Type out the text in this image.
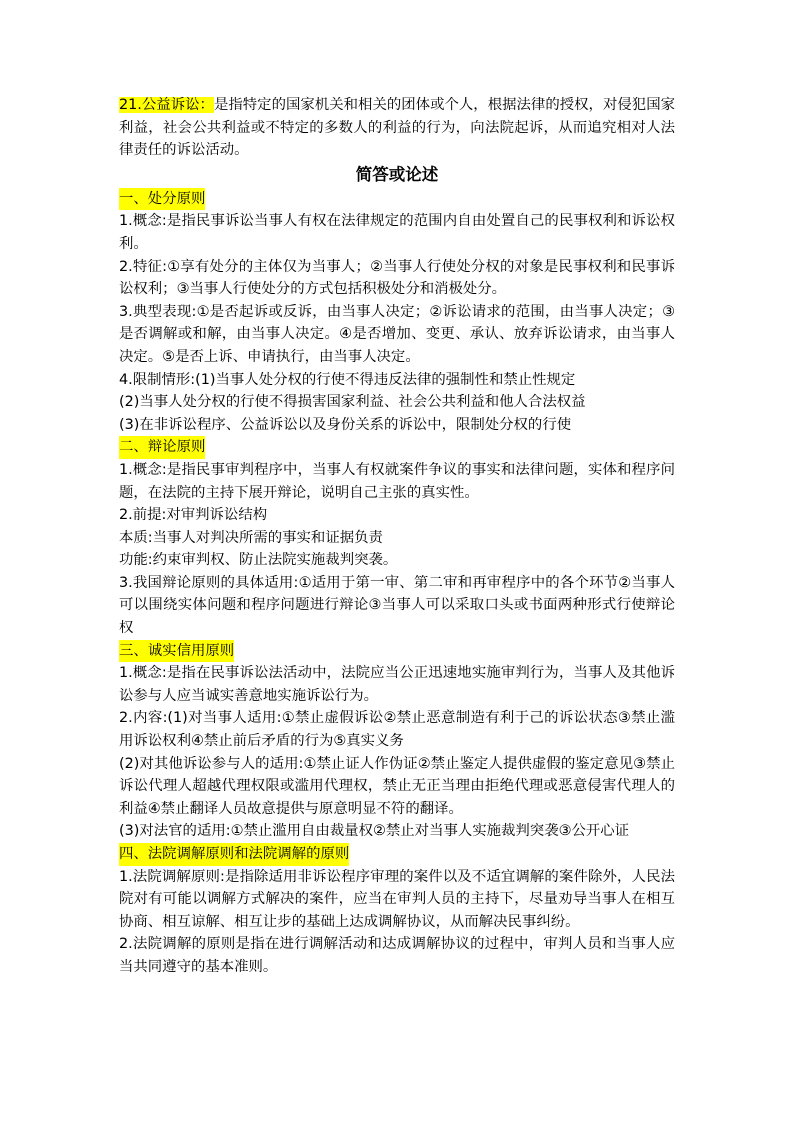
21.公益诉讼：是指特定的国家机关和相关的团体或个人，根据法律的授权，对侵犯国家利益，社会公共利益或不特定的多数人的利益的行为，向法院起诉，从而追究相对人法律责任的诉讼活动。

简答或论述

一、处分原则

1.概念:是指民事诉讼当事人有权在法律规定的范围内自由处置自己的民事权利和诉讼权利。

2.特征:①享有处分的主体仅为当事人；②当事人行使处分权的对象是民事权利和民事诉讼权利；③当事人行使处分的方式包括积极处分和消极处分。

3.典型表现:①是否起诉或反诉，由当事人决定；②诉讼请求的范围，由当事人决定；③是否调解或和解，由当事人决定。④是否增加、变更、承认、放弃诉讼请求，由当事人决定。⑤是否上诉、申请执行，由当事人决定。

4.限制情形:(1)当事人处分权的行使不得违反法律的强制性和禁止性规定

(2)当事人处分权的行使不得损害国家利益、社会公共利益和他人合法权益

(3)在非诉讼程序、公益诉讼以及身份关系的诉讼中，限制处分权的行使

二、辩论原则

1.概念:是指民事审判程序中，当事人有权就案件争议的事实和法律问题，实体和程序问题，在法院的主持下展开辩论，说明自己主张的真实性。

2.前提:对审判诉讼结构

本质:当事人对判决所需的事实和证据负责

功能:约束审判权、防止法院实施裁判突袭。

3.我国辩论原则的具体适用:①适用于第一审、第二审和再审程序中的各个环节②当事人可以围绕实体问题和程序问题进行辩论③当事人可以采取口头或书面两种形式行使辩论权

三、诚实信用原则

1.概念:是指在民事诉讼法活动中，法院应当公正迅速地实施审判行为，当事人及其他诉讼参与人应当诚实善意地实施诉讼行为。

2.内容:(1)对当事人适用:①禁止虚假诉讼②禁止恶意制造有利于己的诉讼状态③禁止滥用诉讼权利④禁止前后矛盾的行为⑤真实义务

(2)对其他诉讼参与人的适用:①禁止证人作伪证②禁止鉴定人提供虚假的鉴定意见③禁止诉讼代理人超越代理权限或滥用代理权，禁止无正当理由拒绝代理或恶意侵害代理人的利益④禁止翻译人员故意提供与原意明显不符的翻译。

(3)对法官的适用:①禁止滥用自由裁量权②禁止对当事人实施裁判突袭③公开心证

四、法院调解原则和法院调解的原则

1.法院调解原则:是指除适用非诉讼程序审理的案件以及不适宜调解的案件除外，人民法院对有可能以调解方式解决的案件，应当在审判人员的主持下，尽量劝导当事人在相互协商、相互谅解、相互让步的基础上达成调解协议，从而解决民事纠纷。

2.法院调解的原则是指在进行调解活动和达成调解协议的过程中，审判人员和当事人应当共同遵守的基本准则。
